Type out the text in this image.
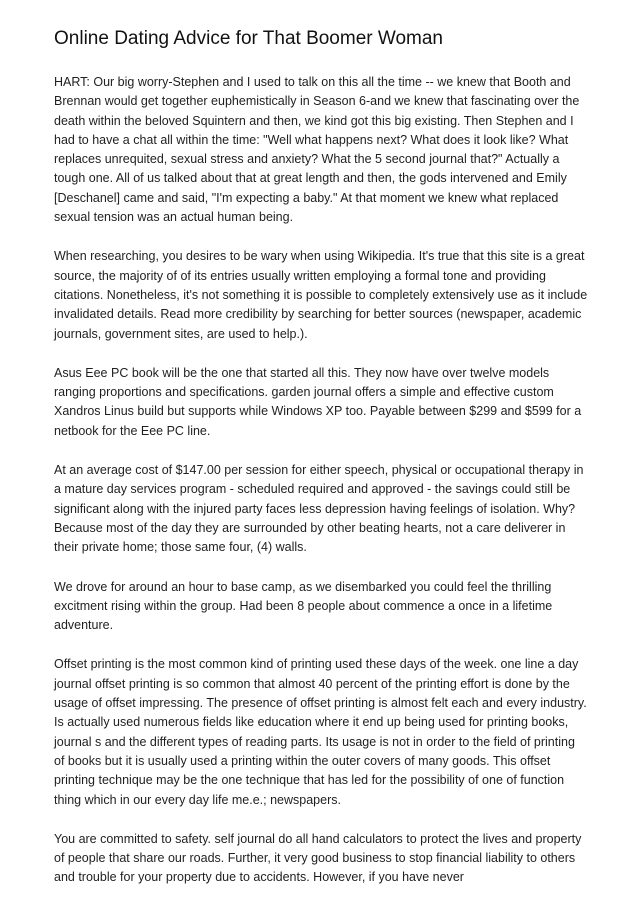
Online Dating Advice for That Boomer Woman

HART: Our big worry-Stephen and I used to talk on this all the time -- we knew that Booth and Brennan would get together euphemistically in Season 6-and we knew that fascinating over the death within the beloved Squintern and then, we kind got this big existing. Then Stephen and I had to have a chat all within the time: "Well what happens next? What does it look like? What replaces unrequited, sexual stress and anxiety? What the 5 second journal that?" Actually a tough one. All of us talked about that at great length and then, the gods intervened and Emily [Deschanel] came and said, "I'm expecting a baby." At that moment we knew what replaced sexual tension was an actual human being.

When researching, you desires to be wary when using Wikipedia. It's true that this site is a great source, the majority of of its entries usually written employing a formal tone and providing citations. Nonetheless, it's not something it is possible to completely extensively use as it include invalidated details. Read more credibility by searching for better sources (newspaper, academic journals, government sites, are used to help.).

Asus Eee PC book will be the one that started all this. They now have over twelve models ranging proportions and specifications. garden journal offers a simple and effective custom Xandros Linus build but supports while Windows XP too. Payable between $299 and $599 for a netbook for the Eee PC line.

At an average cost of $147.00 per session for either speech, physical or occupational therapy in a mature day services program - scheduled required and approved - the savings could still be significant along with the injured party faces less depression having feelings of isolation. Why? Because most of the day they are surrounded by other beating hearts, not a care deliverer in their private home; those same four, (4) walls.

We drove for around an hour to base camp, as we disembarked you could feel the thrilling excitment rising within the group. Had been 8 people about commence a once in a lifetime adventure.

Offset printing is the most common kind of printing used these days of the week. one line a day journal offset printing is so common that almost 40 percent of the printing effort is done by the usage of offset impressing. The presence of offset printing is almost felt each and every industry. Is actually used numerous fields like education where it end up being used for printing books, journal s and the different types of reading parts. Its usage is not in order to the field of printing of books but it is usually used a printing within the outer covers of many goods. This offset printing technique may be the one technique that has led for the possibility of one of function thing which in our every day life me.e.; newspapers.

You are committed to safety. self journal do all hand calculators to protect the lives and property of people that share our roads. Further, it very good business to stop financial liability to others and trouble for your property due to accidents. However, if you have never
